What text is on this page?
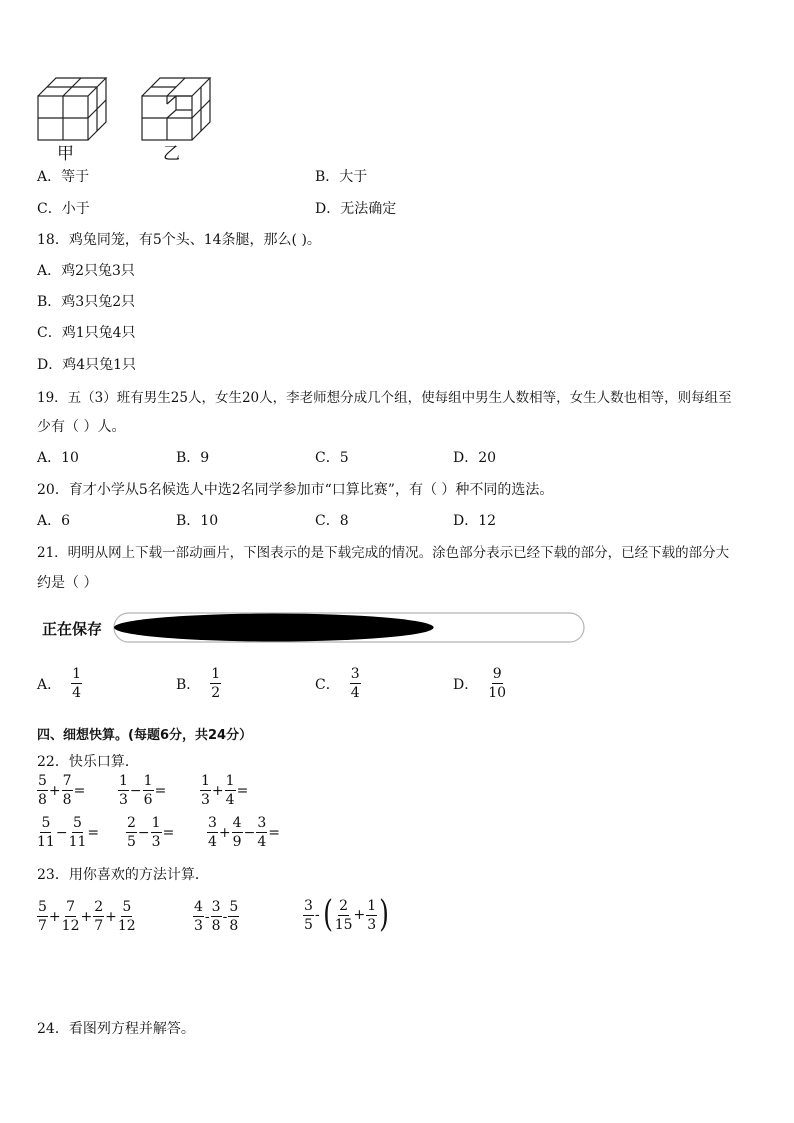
甲	乙
A．等于	B．大于
C．小于	D．无法确定
18．鸡兔同笼，有5个头、14条腿，那么( )。
A．鸡2只兔3只
B．鸡3只兔2只
C．鸡1只兔4只
D．鸡4只兔1只
19．五（3）班有男生25人，女生20人，李老师想分成几个组，使每组中男生人数相等，女生人数也相等，则每组至
少有（ ）人。
A．10	B．9	C．5	D．20
20．育才小学从5名候选人中选2名同学参加市“口算比赛”，有（ ）种不同的选法。
A．6	B．10	C．8	D．12
21．明明从网上下载一部动画片，下图表示的是下载完成的情况。涂色部分表示已经下载的部分，已经下载的部分大
约是（ ）
正在保存
A． $\frac{1}{4}$	B． $\frac{1}{2}$	C． $\frac{3}{4}$	D． $\frac{9}{10}$
四、细想快算。(每题6分，共24分）
22．快乐口算．
$\frac{5}{8} + \frac{7}{8} = \frac{1}{3} - \frac{1}{6} = \frac{1}{3} + \frac{1}{4}$ =
$\frac{5}{11} - \frac{5}{11} = \frac{2}{5} - \frac{1}{3} = \frac{3}{4} + \frac{4}{9} - \frac{3}{4}$ =
23．用你喜欢的方法计算．
$\frac{5}{7} + \frac{7}{12} + \frac{2}{7} + \frac{5}{12}$	$\frac{4}{3} - \frac{3}{8} - \frac{5}{8}$	$\frac{3}{5}$ - ( $\frac{2}{15} + \frac{1}{3}$ )
24．看图列方程并解答。
